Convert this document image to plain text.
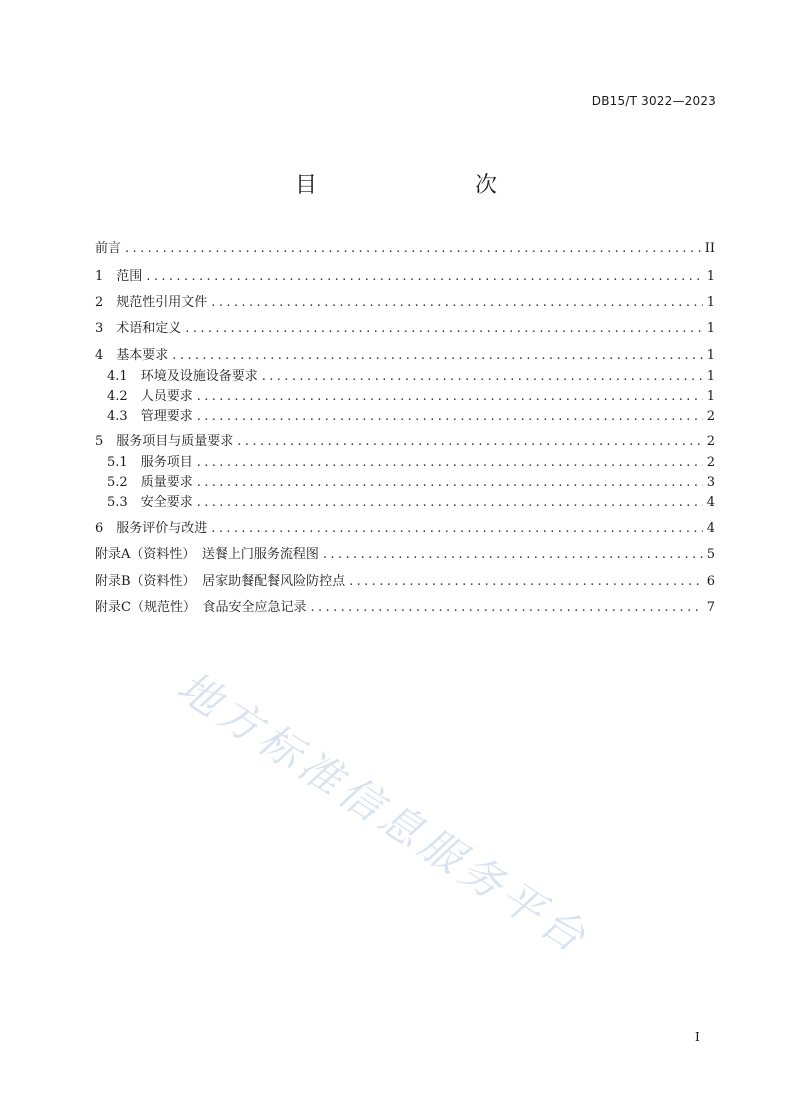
DB15/T 3022—2023
目　　次
前言 .....	II
1　 范围 .....	1
2　 规范性引用文件 .....	1
3　 术语和定义 .....	1
4　 基本要求 .....	1
4.1　 环境及设施设备要求 .....	1
4.2　 人员要求 .....	1
4.3　 管理要求 .....	2
5　 服务项目与质量要求 .....	2
5.1　 服务项目 .....	2
5.2　 质量要求 .....	3
5.3　 安全要求 .....	4
6　 服务评价与改进 .....	4
附录A（资料性）　 送餐上门服务流程图 .....	5
附录B（资料性）　 居家助餐配餐风险防控点 .....	6
附录C（规范性）　 食品安全应急记录 .....	7
地方标准信息服务平台
I
